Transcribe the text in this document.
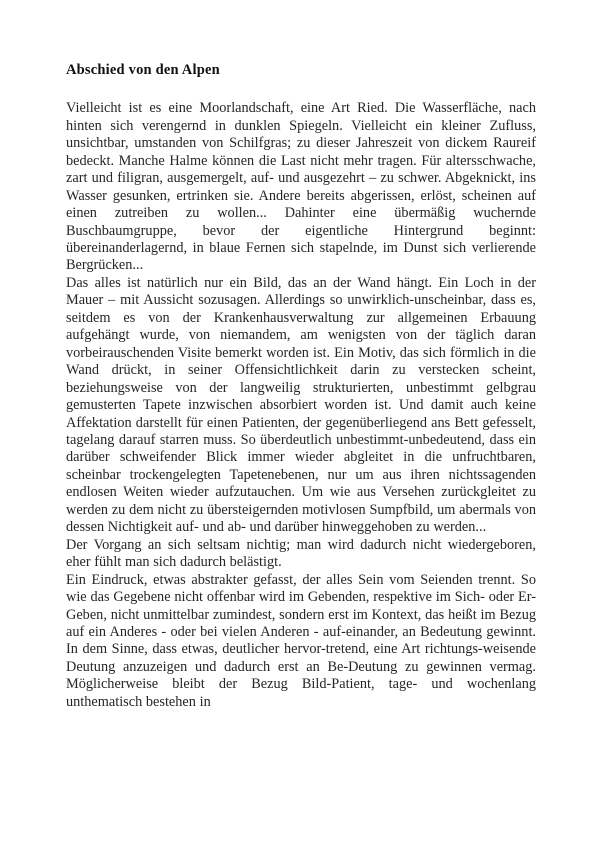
Abschied von den Alpen

Vielleicht ist es eine Moorlandschaft, eine Art Ried. Die Wasserfläche, nach hinten sich verengernd in dunklen Spiegeln. Vielleicht ein kleiner Zufluss, unsichtbar, umstanden von Schilfgras; zu dieser Jahreszeit von dickem Raureif bedeckt. Manche Halme können die Last nicht mehr tragen. Für altersschwache, zart und filigran, ausgemergelt, auf- und ausgezehrt – zu schwer. Abgeknickt, ins Wasser gesunken, ertrinken sie. Andere bereits abgerissen, erlöst, scheinen auf einen zutreiben zu wollen... Dahinter eine übermäßig wuchernde Buschbaumgruppe, bevor der eigentliche Hintergrund beginnt: übereinanderlagernd, in blaue Fernen sich stapelnde, im Dunst sich verlierende Bergrücken...

Das alles ist natürlich nur ein Bild, das an der Wand hängt. Ein Loch in der Mauer – mit Aussicht sozusagen. Allerdings so unwirklich-unscheinbar, dass es, seitdem es von der Krankenhausverwaltung zur allgemeinen Erbauung aufgehängt wurde, von niemandem, am wenigsten von der täglich daran vorbeirauschenden Visite bemerkt worden ist. Ein Motiv, das sich förmlich in die Wand drückt, in seiner Offensichtlichkeit darin zu verstecken scheint, beziehungsweise von der langweilig strukturierten, unbestimmt gelbgrau gemusterten Tapete inzwischen absorbiert worden ist. Und damit auch keine Affektation darstellt für einen Patienten, der gegenüberliegend ans Bett gefesselt, tagelang darauf starren muss. So überdeutlich unbestimmt-unbedeutend, dass ein darüber schweifender Blick immer wieder abgleitet in die unfruchtbaren, scheinbar trockengelegten Tapetenebenen, nur um aus ihren nichtssagenden endlosen Weiten wieder aufzutauchen. Um wie aus Versehen zurückgleitet zu werden zu dem nicht zu übersteigernden motivlosen Sumpfbild, um abermals von dessen Nichtigkeit auf- und ab- und darüber hinweggehoben zu werden...

Der Vorgang an sich seltsam nichtig; man wird dadurch nicht wiedergeboren, eher fühlt man sich dadurch belästigt.

Ein Eindruck, etwas abstrakter gefasst, der alles Sein vom Seienden trennt. So wie das Gegebene nicht offenbar wird im Gebenden, respektive im Sich- oder Er-Geben, nicht unmittelbar zumindest, sondern erst im Kontext, das heißt im Bezug auf ein Anderes - oder bei vielen Anderen - auf-einander, an Bedeutung gewinnt. In dem Sinne, dass etwas, deutlicher hervor-tretend, eine Art richtungs-weisende Deutung anzuzeigen und dadurch erst an Be-Deutung zu gewinnen vermag. Möglicherweise bleibt der Bezug Bild-Patient, tage- und wochenlang unthematisch bestehen in
